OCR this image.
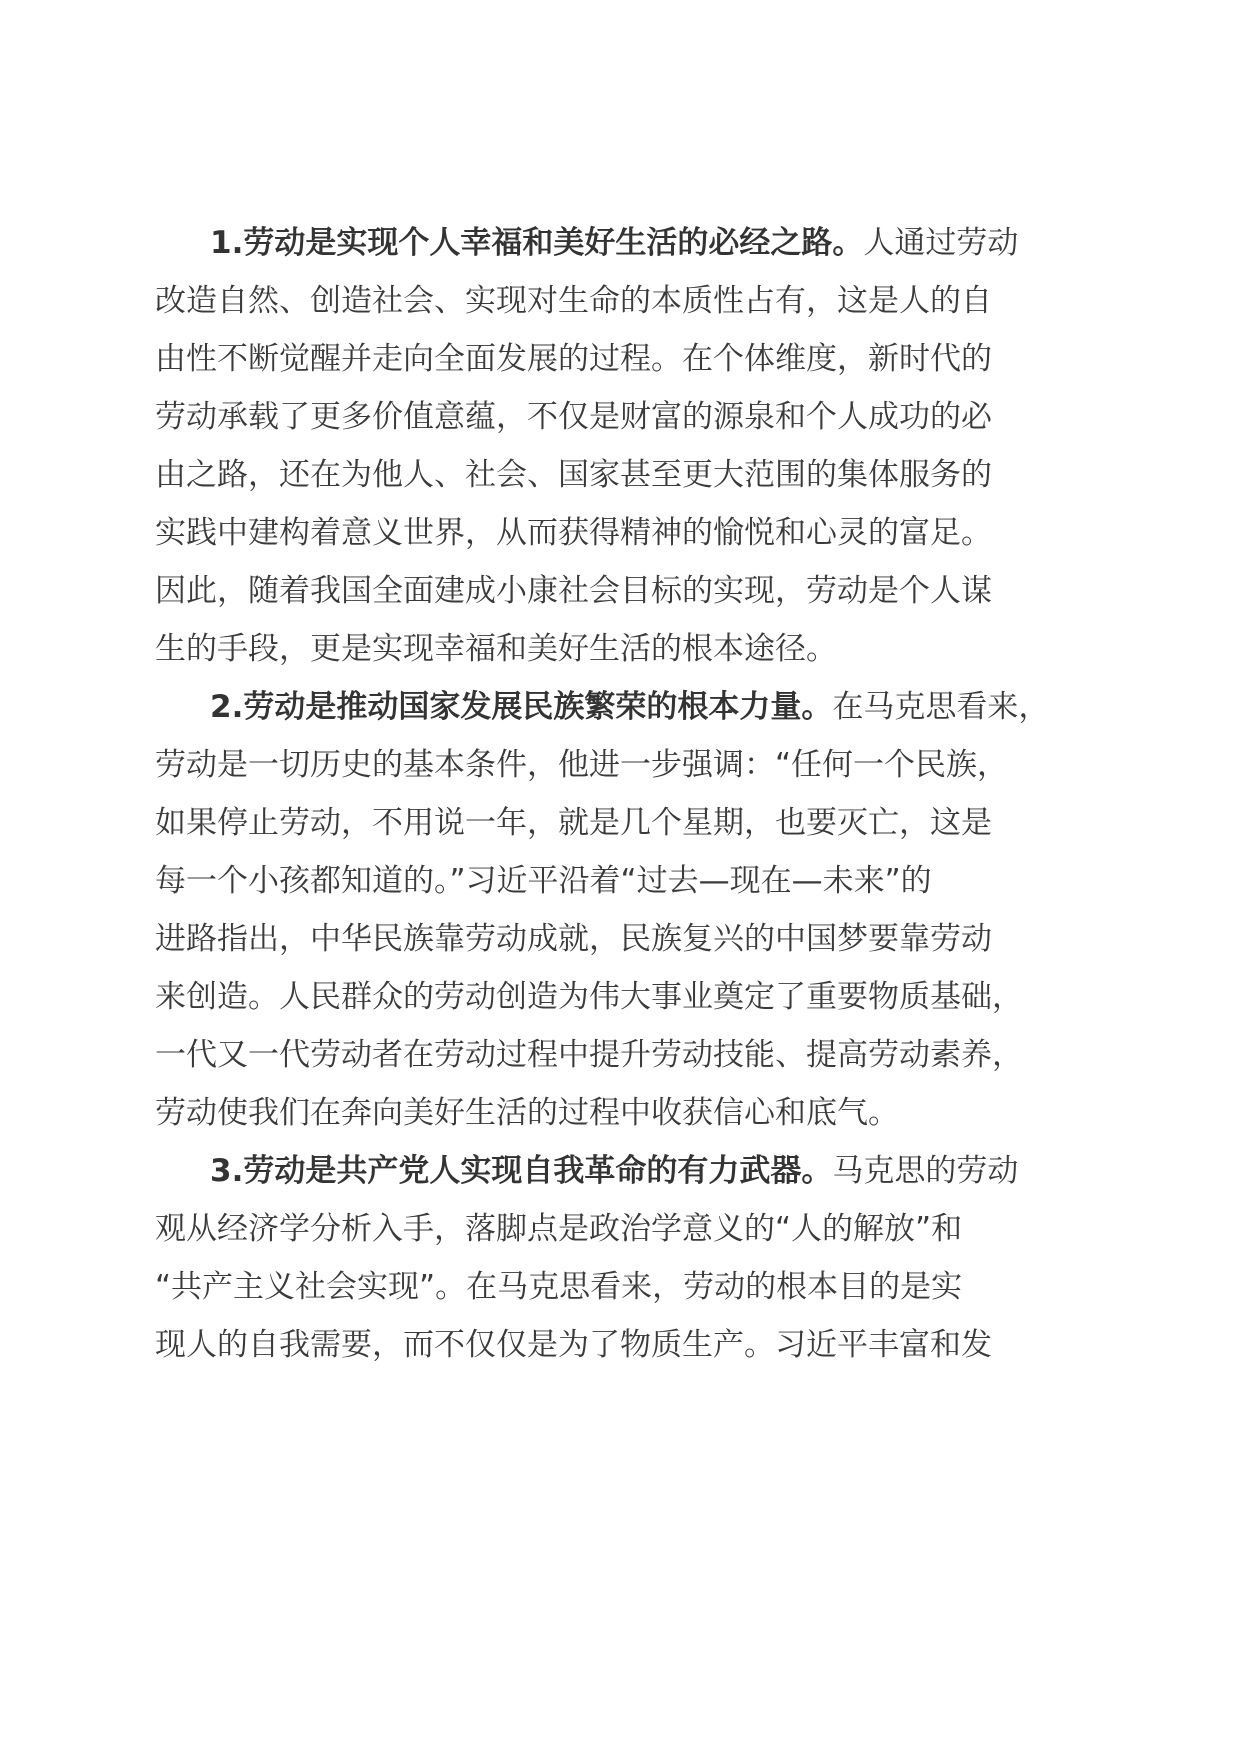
1.劳动是实现个人幸福和美好生活的必经之路。人通过劳动
改造自然、创造社会、实现对生命的本质性占有，这是人的自
由性不断觉醒并走向全面发展的过程。在个体维度，新时代的
劳动承载了更多价值意蕴，不仅是财富的源泉和个人成功的必
由之路，还在为他人、社会、国家甚至更大范围的集体服务的
实践中建构着意义世界，从而获得精神的愉悦和心灵的富足。
因此，随着我国全面建成小康社会目标的实现，劳动是个人谋
生的手段，更是实现幸福和美好生活的根本途径。
2.劳动是推动国家发展民族繁荣的根本力量。在马克思看来，
劳动是一切历史的基本条件，他进一步强调：“任何一个民族，
如果停止劳动，不用说一年，就是几个星期，也要灭亡，这是
每一个小孩都知道的。”习近平沿着“过去—现在—未来”的
进路指出，中华民族靠劳动成就，民族复兴的中国梦要靠劳动
来创造。人民群众的劳动创造为伟大事业奠定了重要物质基础，
一代又一代劳动者在劳动过程中提升劳动技能、提高劳动素养，
劳动使我们在奔向美好生活的过程中收获信心和底气。
3.劳动是共产党人实现自我革命的有力武器。马克思的劳动
观从经济学分析入手，落脚点是政治学意义的“人的解放”和
“共产主义社会实现”。在马克思看来，劳动的根本目的是实
现人的自我需要，而不仅仅是为了物质生产。习近平丰富和发
